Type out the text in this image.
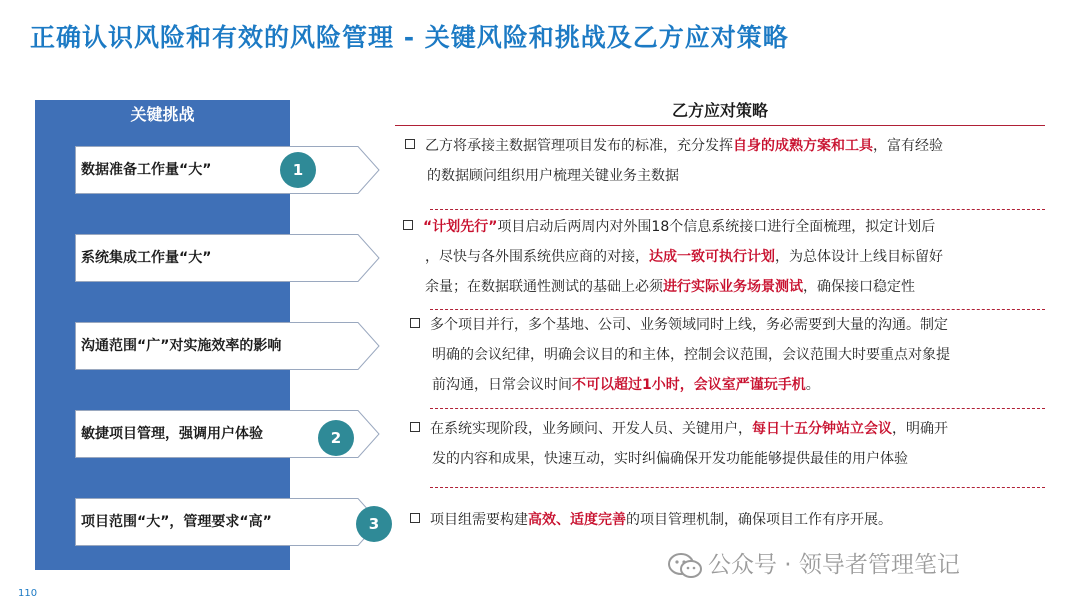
正确认识风险和有效的风险管理 - 关键风险和挑战及乙方应对策略
关键挑战
数据准备工作量“大”	1
系统集成工作量“大”
沟通范围“广”对实施效率的影响
敏捷项目管理，强调用户体验	2
项目范围“大”，管理要求“高”	3
乙方应对策略
乙方将承接主数据管理项目发布的标准，充分发挥自身的成熟方案和工具，富有经验
的数据顾问组织用户梳理关键业务主数据
“计划先行”项目启动后两周内对外围18个信息系统接口进行全面梳理，拟定计划后
，尽快与各外围系统供应商的对接，达成一致可执行计划，为总体设计上线目标留好
余量；在数据联通性测试的基础上必须进行实际业务场景测试，确保接口稳定性
多个项目并行，多个基地、公司、业务领域同时上线，务必需要到大量的沟通。制定
明确的会议纪律，明确会议目的和主体，控制会议范围，会议范围大时要重点对象提
前沟通，日常会议时间不可以超过1小时，会议室严谨玩手机。
在系统实现阶段，业务顾问、开发人员、关键用户，每日十五分钟站立会议，明确开
发的内容和成果，快速互动，实时纠偏确保开发功能能够提供最佳的用户体验
项目组需要构建高效、适度完善的项目管理机制，确保项目工作有序开展。
110
公众号 · 领导者管理笔记
